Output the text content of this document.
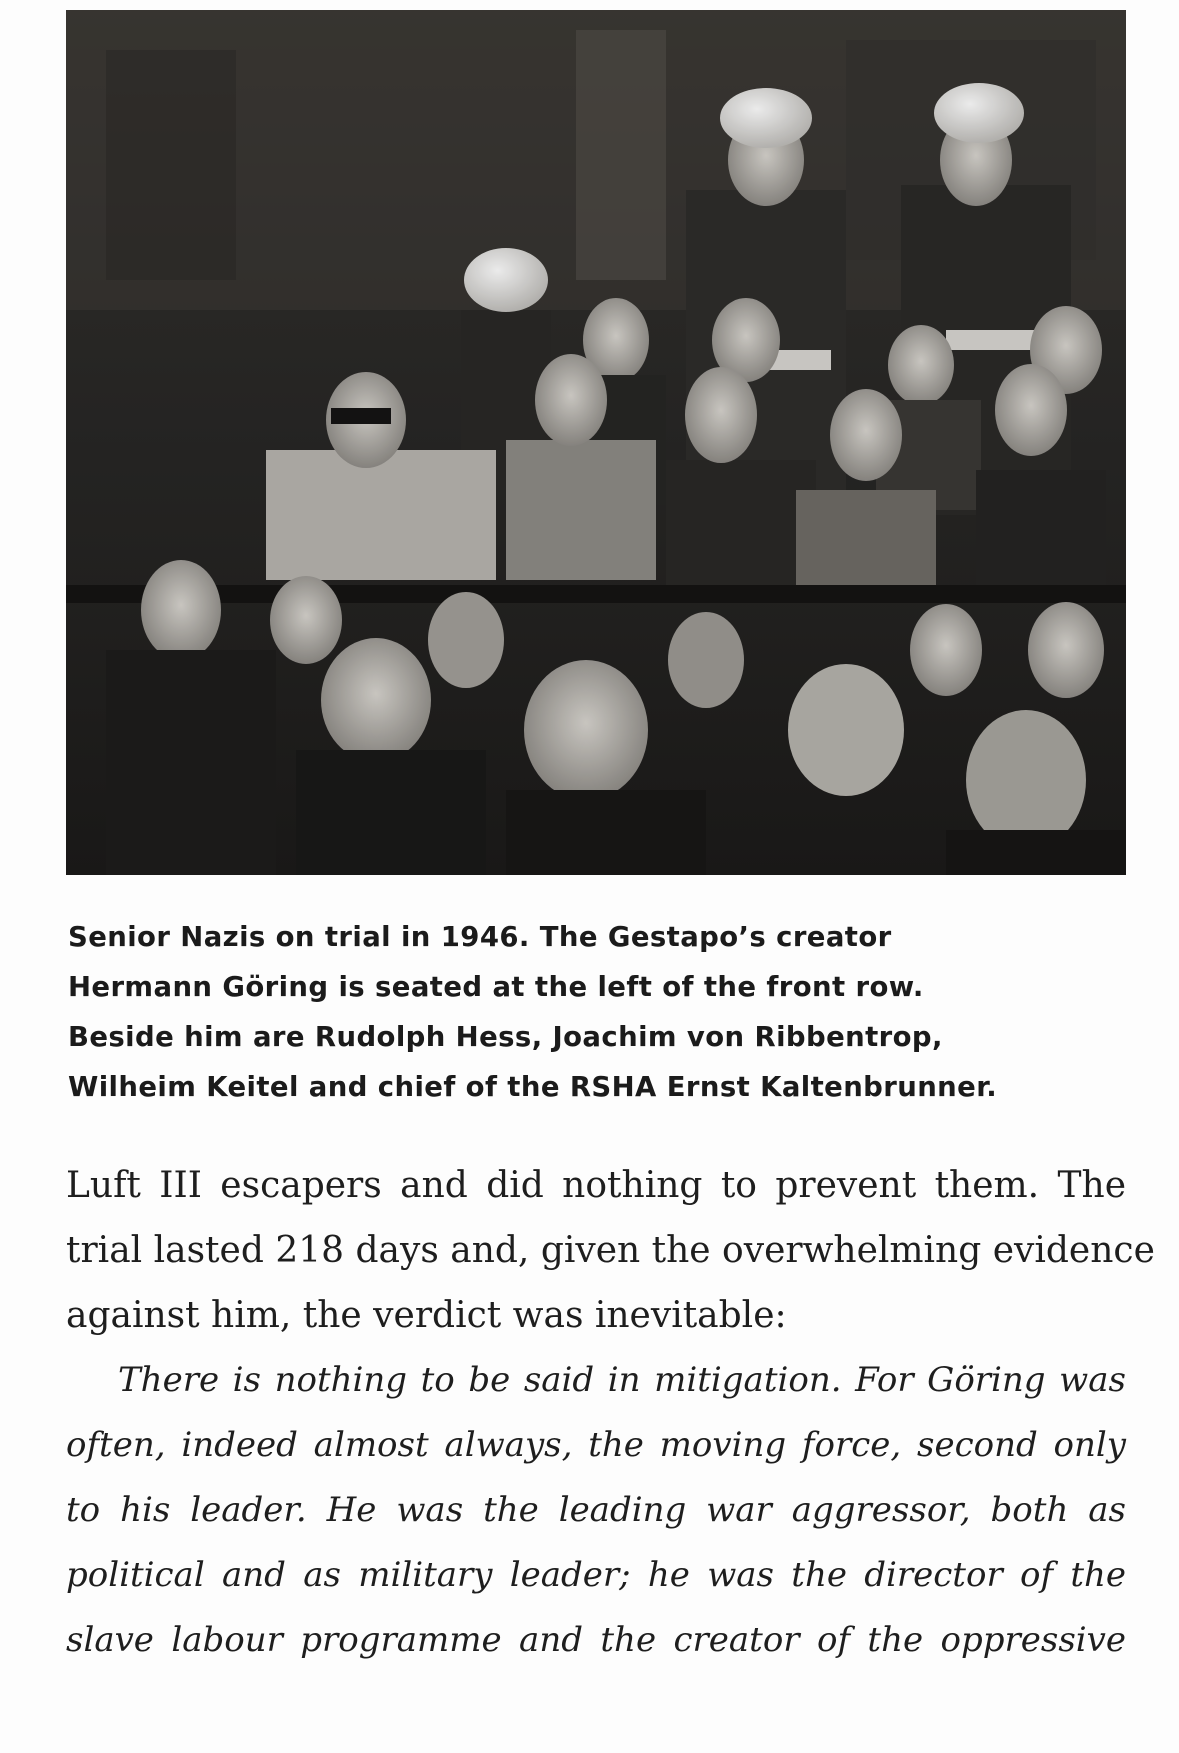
Senior Nazis on trial in 1946. The Gestapo’s creator
Hermann Göring is seated at the left of the front row.
Beside him are Rudolph Hess, Joachim von Ribbentrop,
Wilheim Keitel and chief of the RSHA Ernst Kaltenbrunner.
Luft III escapers and did nothing to prevent them. The
trial lasted 218 days and, given the overwhelming evidence
against him, the verdict was inevitable:
There is nothing to be said in mitigation. For Göring was
often, indeed almost always, the moving force, second only
to his leader. He was the leading war aggressor, both as
political and as military leader; he was the director of the
slave labour programme and the creator of the oppressive
